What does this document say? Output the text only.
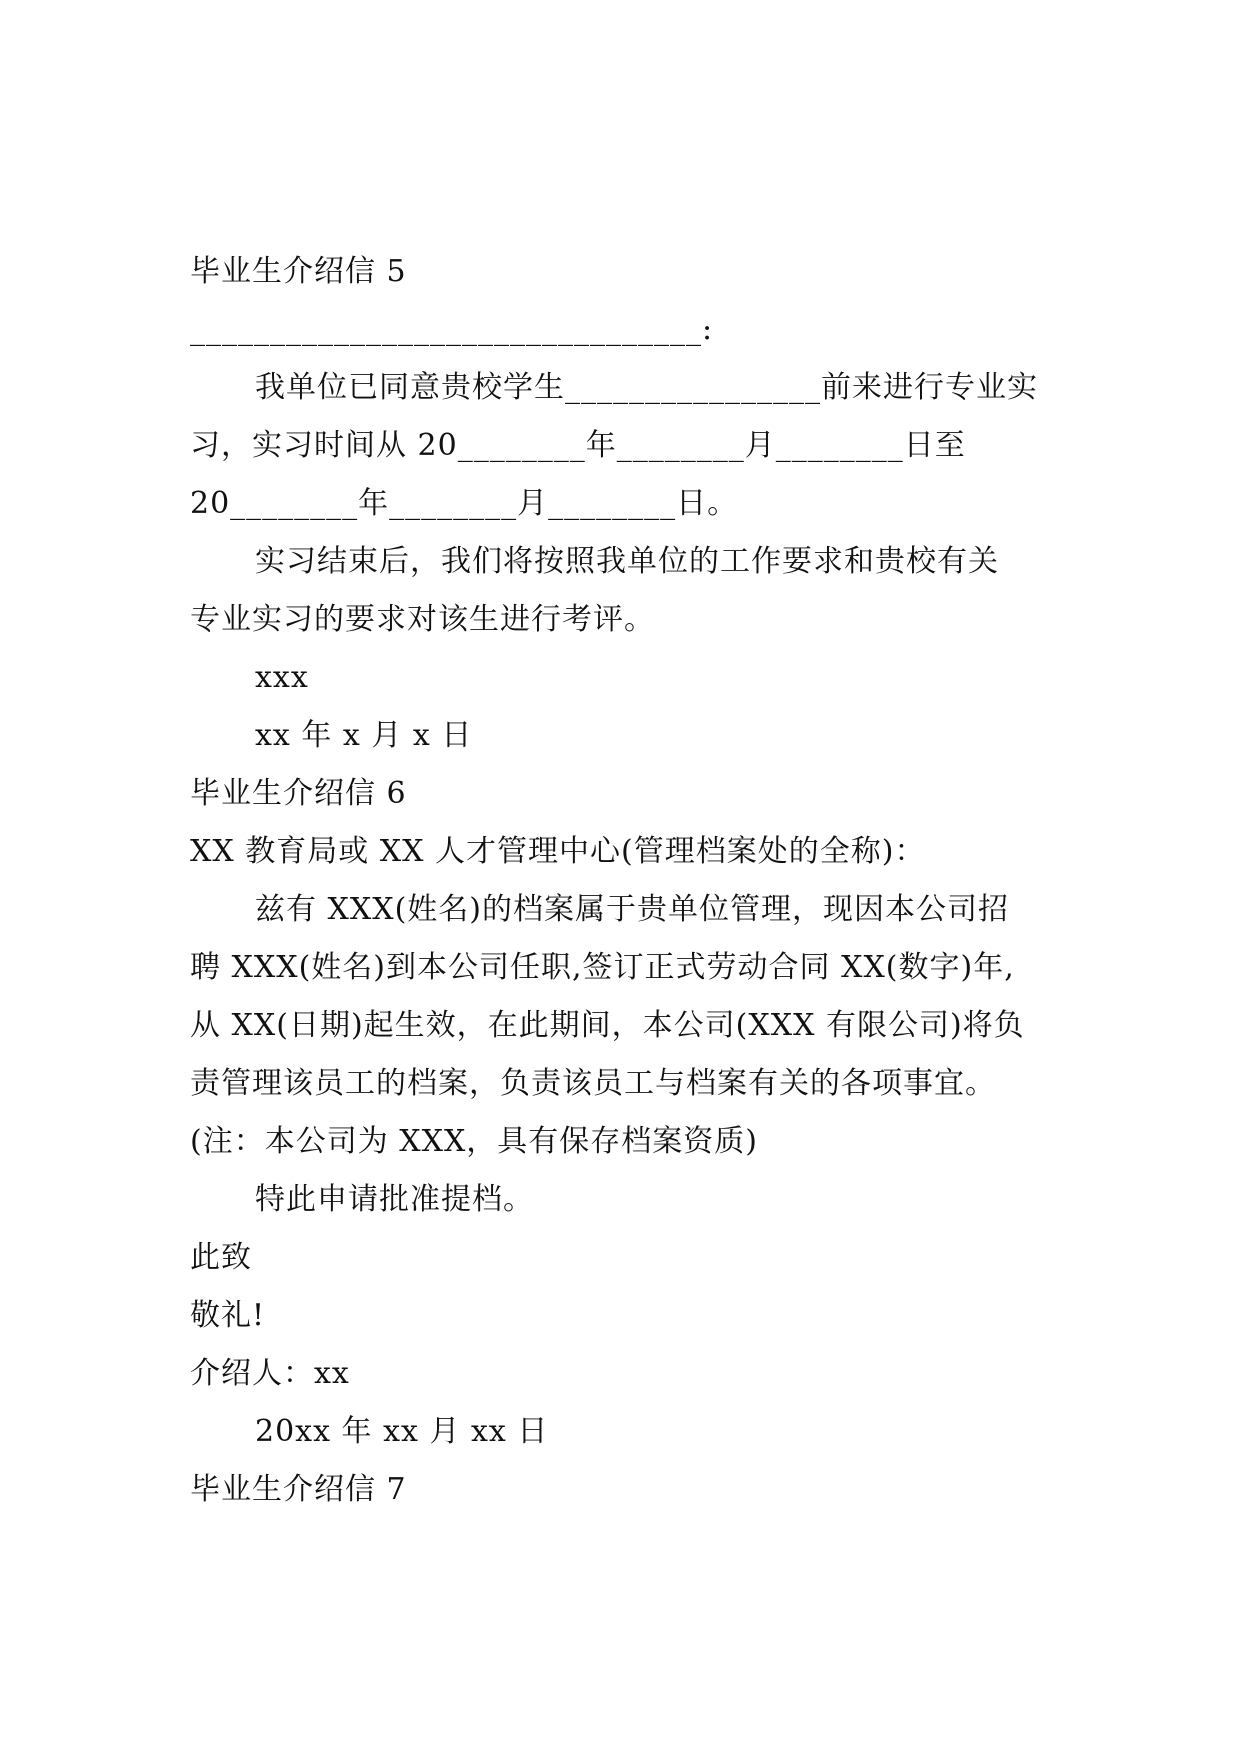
毕业生介绍信 5
________________________________:
我单位已同意贵校学生________________前来进行专业实
习，实习时间从 20________年________月________日至
20________年________月________日。
实习结束后，我们将按照我单位的工作要求和贵校有关
专业实习的要求对该生进行考评。
xxx
xx 年 x 月 x 日
毕业生介绍信 6
XX 教育局或 XX 人才管理中心(管理档案处的全称)：
兹有 XXX(姓名)的档案属于贵单位管理，现因本公司招
聘 XXX(姓名)到本公司任职,签订正式劳动合同 XX(数字)年,
从 XX(日期)起生效，在此期间，本公司(XXX 有限公司)将负
责管理该员工的档案，负责该员工与档案有关的各项事宜。
(注：本公司为 XXX，具有保存档案资质)
特此申请批准提档。
此致
敬礼!
介绍人：xx
20xx 年 xx 月 xx 日
毕业生介绍信 7
